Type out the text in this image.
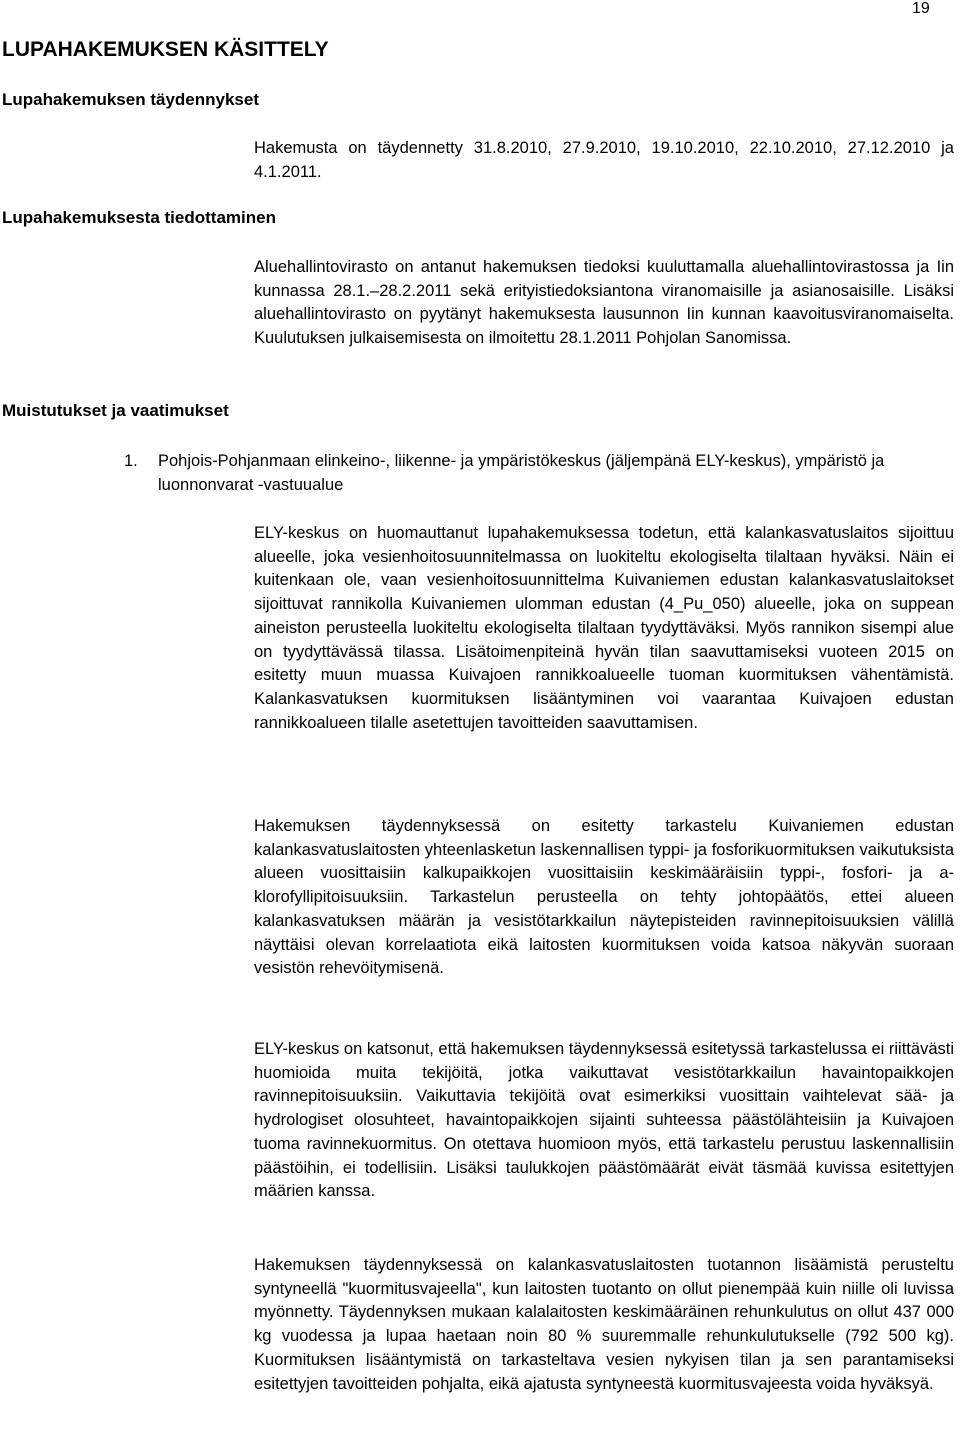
19
LUPAHAKEMUKSEN KÄSITTELY
Lupahakemuksen täydennykset

Hakemusta on täydennetty 31.8.2010, 27.9.2010, 19.10.2010, 22.10.2010, 27.12.2010 ja 4.1.2011.

Lupahakemuksesta tiedottaminen

Aluehallintovirasto on antanut hakemuksen tiedoksi kuuluttamalla aluehallintovirastossa ja Iin kunnassa 28.1.–28.2.2011 sekä erityistiedoksiantona viranomaisille ja asianosaisille. Lisäksi aluehallintovirasto on pyytänyt hakemuksesta lausunnon Iin kunnan kaavoitusviranomaiselta. Kuulutuksen julkaisemisesta on ilmoitettu 28.1.2011 Pohjolan Sanomissa.

Muistutukset ja vaatimukset
1. Pohjois-Pohjanmaan elinkeino-, liikenne- ja ympäristökeskus (jäljempänä ELY-keskus), ympäristö ja luonnonvarat -vastuualue

ELY-keskus on huomauttanut lupahakemuksessa todetun, että kalankasvatuslaitos sijoittuu alueelle, joka vesienhoitosuunnitelmassa on luokiteltu ekologiselta tilaltaan hyväksi. Näin ei kuitenkaan ole, vaan vesienhoitosuunnittelma Kuivaniemen edustan kalankasvatuslaitokset sijoittuvat rannikolla Kuivaniemen ulomman edustan (4_Pu_050) alueelle, joka on suppean aineiston perusteella luokiteltu ekologiselta tilaltaan tyydyttäväksi. Myös rannikon sisempi alue on tyydyttävässä tilassa. Lisätoimenpiteinä hyvän tilan saavuttamiseksi vuoteen 2015 on esitetty muun muassa Kuivajoen rannikkoalueelle tuoman kuormituksen vähentämistä. Kalankasvatuksen kuormituksen lisääntyminen voi vaarantaa Kuivajoen edustan rannikkoalueen tilalle asetettujen tavoitteiden saavuttamisen.

Hakemuksen täydennyksessä on esitetty tarkastelu Kuivaniemen edustan kalankasvatuslaitosten yhteenlasketun laskennallisen typpi- ja fosforikuormituksen vaikutuksista alueen vuosittaisiin kalkupaikkojen vuosittaisiin keskimääräisiin typpi-, fosfori- ja a-klorofyllipitoisuuksiin. Tarkastelun perusteella on tehty johtopäätös, ettei alueen kalankasvatuksen määrän ja vesistötarkkailun näytepisteiden ravinnepitoisuuksien välillä näyttäisi olevan korrelaatiota eikä laitosten kuormituksen voida katsoa näkyvän suoraan vesistön rehevöitymisenä.

ELY-keskus on katsonut, että hakemuksen täydennyksessä esitetyssä tarkastelussa ei riittävästi huomioida muita tekijöitä, jotka vaikuttavat vesistötarkkailun havaintopaikkojen ravinnepitoisuuksiin. Vaikuttavia tekijöitä ovat esimerkiksi vuosittain vaihtelevat sää- ja hydrologiset olosuhteet, havaintopaikkojen sijainti suhteessa päästölähteisiin ja Kuivajoen tuoma ravinnekuormitus. On otettava huomioon myös, että tarkastelu perustuu laskennallisiin päästöihin, ei todellisiin. Lisäksi taulukkojen päästömäärät eivät täsmää kuvissa esitettyjen määrien kanssa.

Hakemuksen täydennyksessä on kalankasvatuslaitosten tuotannon lisäämistä perusteltu syntyneellä "kuormitusvajeella", kun laitosten tuotanto on ollut pienempää kuin niille oli luvissa myönnetty. Täydennyksen mukaan kalalaitosten keskimääräinen rehunkulutus on ollut 437 000 kg vuodessa ja lupaa haetaan noin 80 % suuremmalle rehunkulutukselle (792 500 kg). Kuormituksen lisääntymistä on tarkasteltava vesien nykyisen tilan ja sen parantamiseksi esitettyjen tavoitteiden pohjalta, eikä ajatusta syntyneestä kuormitusvajeesta voida hyväksyä.
